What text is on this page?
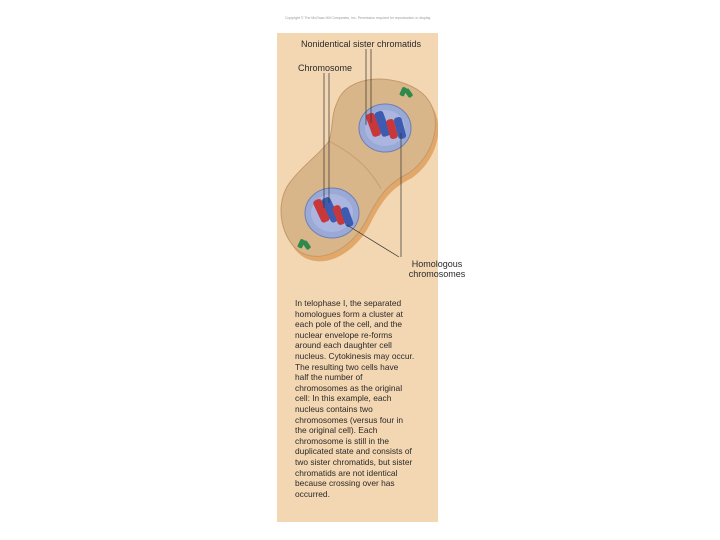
Copyright © The McGraw-Hill Companies, Inc. Permission required for reproduction or display.
Nonidentical sister chromatids
Chromosome
Homologous
chromosomes
In telophase I, the separated
homologues form a cluster at
each pole of the cell, and the
nuclear envelope re-forms
around each daughter cell
nucleus. Cytokinesis may occur.
The resulting two cells have
half the number of
chromosomes as the original
cell: In this example, each
nucleus contains two
chromosomes (versus four in
the original cell). Each
chromosome is still in the
duplicated state and consists of
two sister chromatids, but sister
chromatids are not identical
because crossing over has
occurred.
